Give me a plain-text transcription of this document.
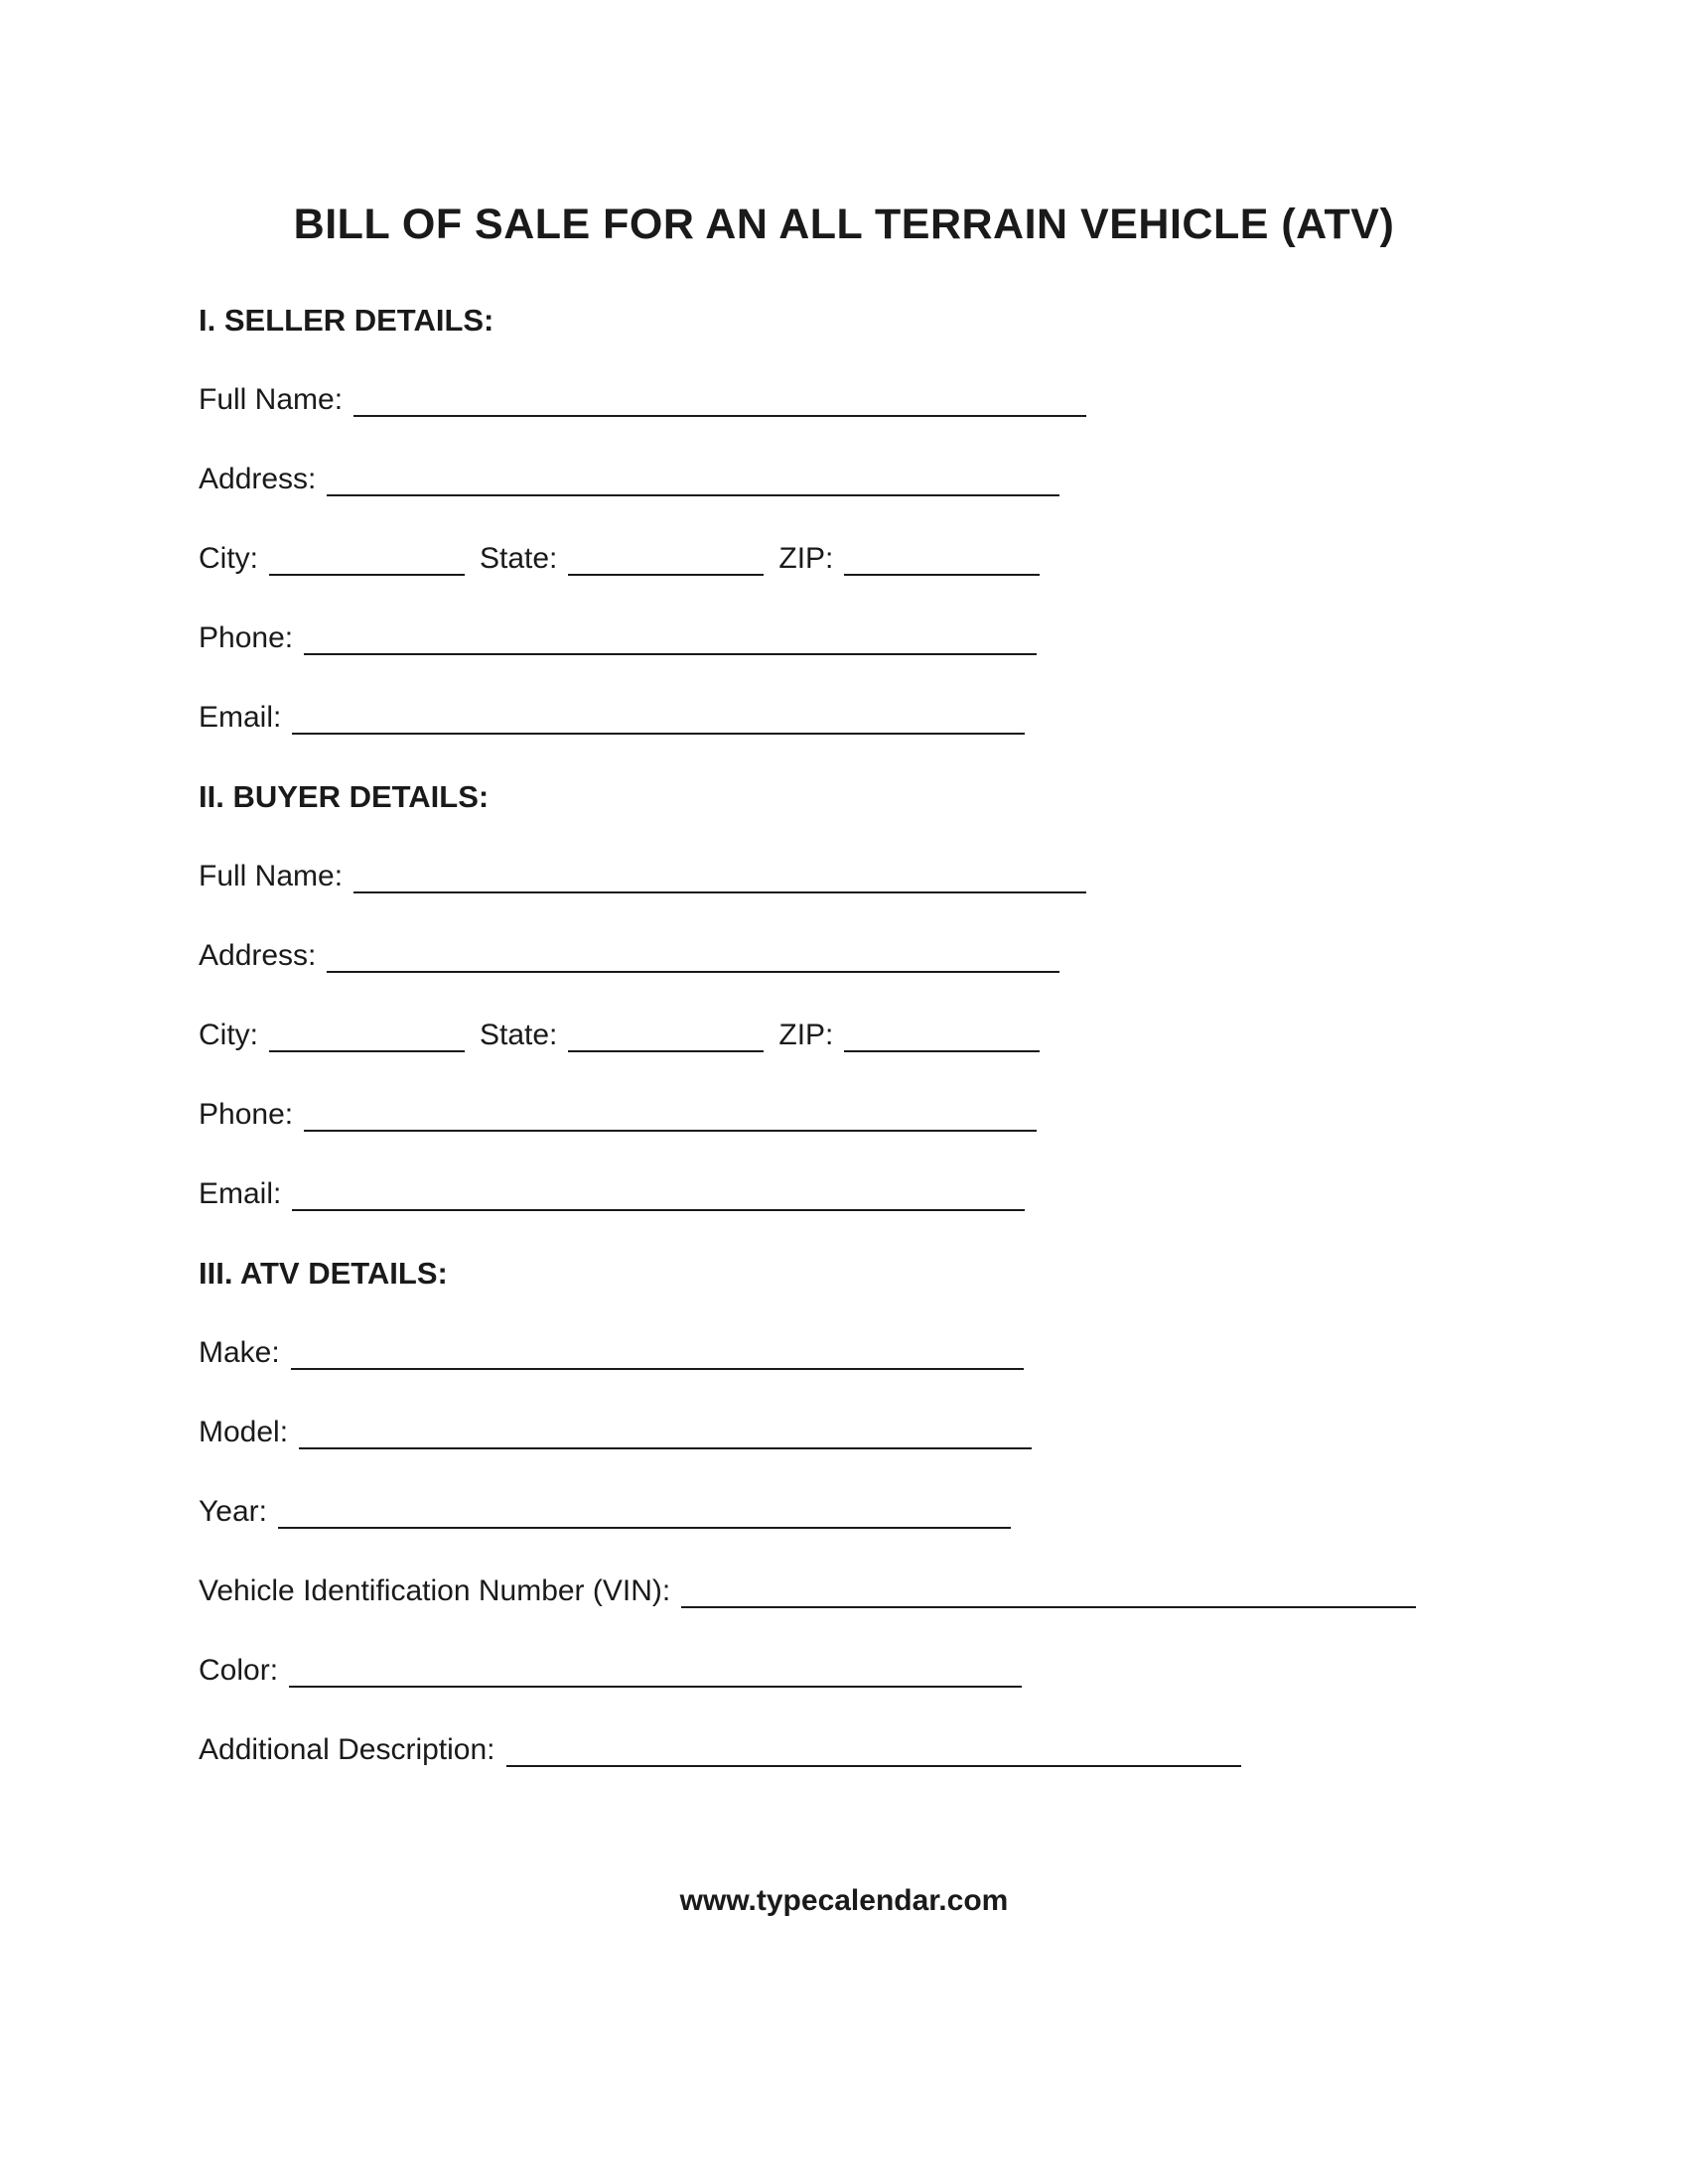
BILL OF SALE FOR AN ALL TERRAIN VEHICLE (ATV)
I. SELLER DETAILS:
Full Name:
Address:
City:	State:	ZIP:
Phone:
Email:
II. BUYER DETAILS:
Full Name:
Address:
City:	State:	ZIP:
Phone:
Email:
III. ATV DETAILS:
Make:
Model:
Year:
Vehicle Identification Number (VIN):
Color:
Additional Description:
www.typecalendar.com
